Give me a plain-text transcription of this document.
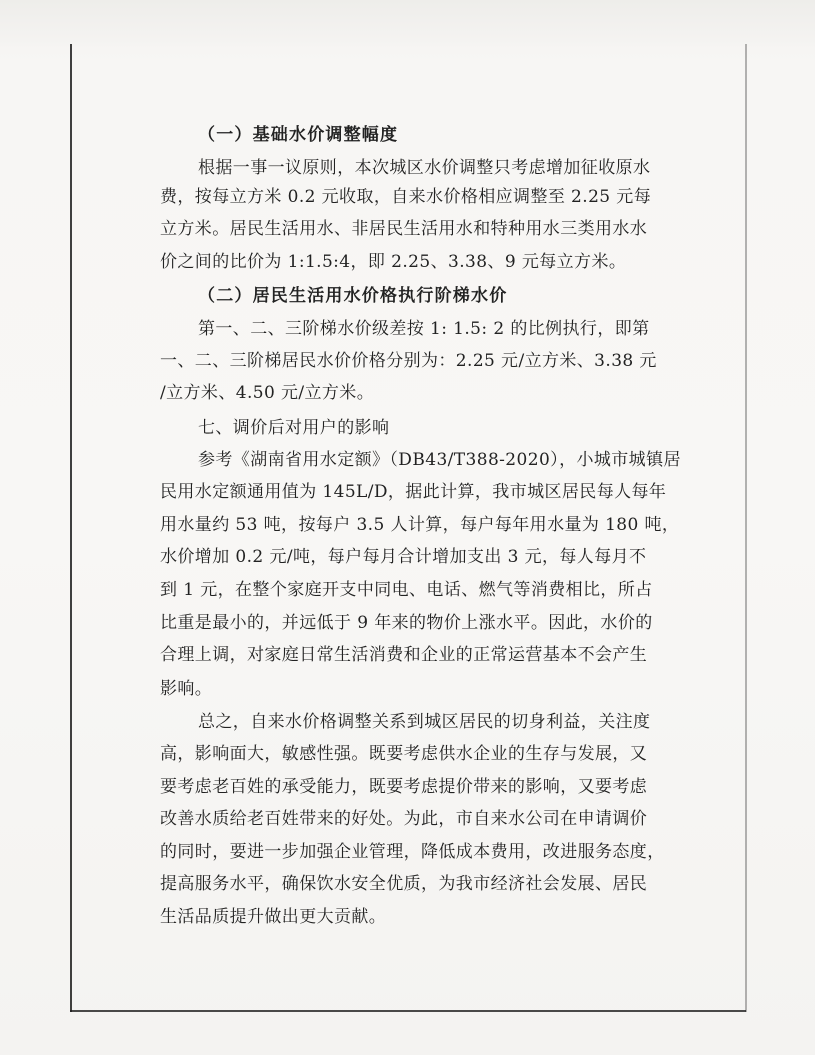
（一）基础水价调整幅度
根据一事一议原则，本次城区水价调整只考虑增加征收原水
费，按每立方米 0.2 元收取，自来水价格相应调整至 2.25 元每
立方米。居民生活用水、非居民生活用水和特种用水三类用水水
价之间的比价为 1:1.5:4，即 2.25、3.38、9 元每立方米。
（二）居民生活用水价格执行阶梯水价
第一、二、三阶梯水价级差按 1: 1.5: 2 的比例执行，即第
一、二、三阶梯居民水价价格分别为：2.25 元/立方米、3.38 元
/立方米、4.50 元/立方米。
七、调价后对用户的影响
参考《湖南省用水定额》（DB43/T388-2020），小城市城镇居
民用水定额通用值为 145L/D，据此计算，我市城区居民每人每年
用水量约 53 吨，按每户 3.5 人计算，每户每年用水量为 180 吨，
水价增加 0.2 元/吨，每户每月合计增加支出 3 元，每人每月不
到 1 元，在整个家庭开支中同电、电话、燃气等消费相比，所占
比重是最小的，并远低于 9 年来的物价上涨水平。因此，水价的
合理上调，对家庭日常生活消费和企业的正常运营基本不会产生
影响。
总之，自来水价格调整关系到城区居民的切身利益，关注度
高，影响面大，敏感性强。既要考虑供水企业的生存与发展，又
要考虑老百姓的承受能力，既要考虑提价带来的影响，又要考虑
改善水质给老百姓带来的好处。为此，市自来水公司在申请调价
的同时，要进一步加强企业管理，降低成本费用，改进服务态度，
提高服务水平，确保饮水安全优质，为我市经济社会发展、居民
生活品质提升做出更大贡献。
